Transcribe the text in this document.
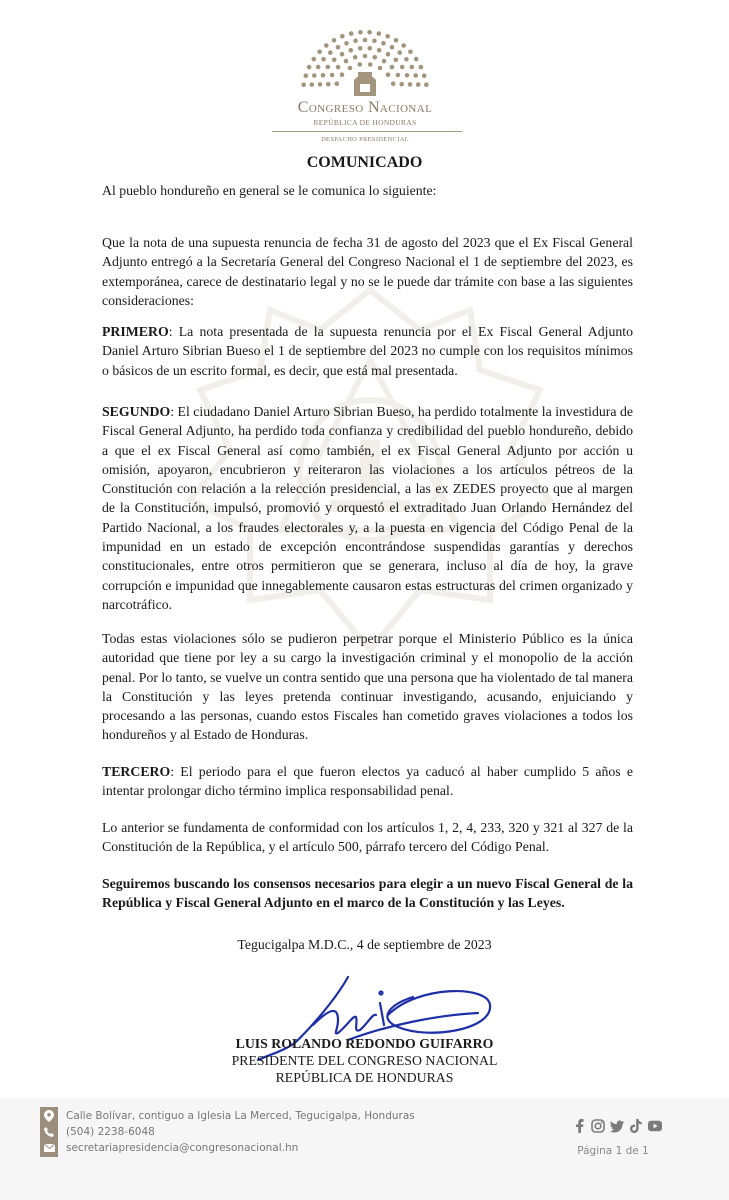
Congreso Nacional
REPÚBLICA DE HONDURAS
DESPACHO PRESIDENCIAL
COMUNICADO
Al pueblo hondureño en general se le comunica lo siguiente:

Que la nota de una supuesta renuncia de fecha 31 de agosto del 2023 que el Ex Fiscal General Adjunto entregó a la Secretaría General del Congreso Nacional el 1 de septiembre del 2023, es extemporánea, carece de destinatario legal y no se le puede dar trámite con base a las siguientes consideraciones:

PRIMERO: La nota presentada de la supuesta renuncia por el Ex Fiscal General Adjunto Daniel Arturo Sibrian Bueso el 1 de septiembre del 2023 no cumple con los requisitos mínimos o básicos de un escrito formal, es decir, que está mal presentada.

SEGUNDO: El ciudadano Daniel Arturo Sibrian Bueso, ha perdido totalmente la investidura de Fiscal General Adjunto, ha perdido toda confianza y credibilidad del pueblo hondureño, debido a que el ex Fiscal General así como también, el ex Fiscal General Adjunto por acción u omisión, apoyaron, encubrieron y reiteraron las violaciones a los artículos pétreos de la Constitución con relación a la relección presidencial, a las ex ZEDES proyecto que al margen de la Constitución, impulsó, promovió y orquestó el extraditado Juan Orlando Hernández del Partido Nacional, a los fraudes electorales y, a la puesta en vigencia del Código Penal de la impunidad en un estado de excepción encontrándose suspendidas garantías y derechos constitucionales, entre otros permitieron que se generara, incluso al día de hoy, la grave corrupción e impunidad que innegablemente causaron estas estructuras del crimen organizado y narcotráfico.

Todas estas violaciones sólo se pudieron perpetrar porque el Ministerio Público es la única autoridad que tiene por ley a su cargo la investigación criminal y el monopolio de la acción penal. Por lo tanto, se vuelve un contra sentido que una persona que ha violentado de tal manera la Constitución y las leyes pretenda continuar investigando, acusando, enjuiciando y procesando a las personas, cuando estos Fiscales han cometido graves violaciones a todos los hondureños y al Estado de Honduras.

TERCERO: El periodo para el que fueron electos ya caducó al haber cumplido 5 años e intentar prolongar dicho término implica responsabilidad penal.

Lo anterior se fundamenta de conformidad con los artículos 1, 2, 4, 233, 320 y 321 al 327 de la Constitución de la República, y el artículo 500, párrafo tercero del Código Penal.

Seguiremos buscando los consensos necesarios para elegir a un nuevo Fiscal General de la República y Fiscal General Adjunto en el marco de la Constitución y las Leyes.

Tegucigalpa M.D.C., 4 de septiembre de 2023
LUIS ROLANDO REDONDO GUIFARRO
PRESIDENTE DEL CONGRESO NACIONAL
REPÚBLICA DE HONDURAS
Calle Bolívar, contiguo a Iglesia La Merced, Tegucigalpa, Honduras
(504) 2238-6048
secretariapresidencia@congresonacional.hn	Página 1 de 1
